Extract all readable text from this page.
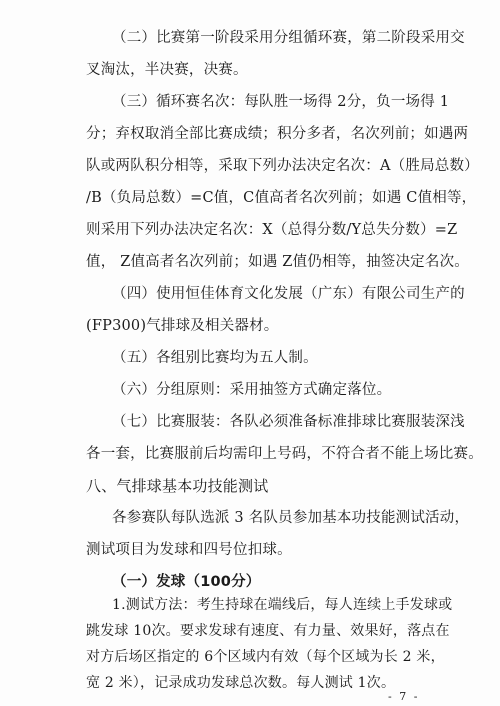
（二）比赛第一阶段采用分组循环赛，第二阶段采用交
叉淘汰，半决赛，决赛。
（三）循环赛名次：每队胜一场得 2分，负一场得 1
分；弃权取消全部比赛成绩；积分多者，名次列前；如遇两
队或两队积分相等，采取下列办法决定名次：A（胜局总数）
/B（负局总数）=C值，C值高者名次列前；如遇 C值相等，
则采用下列办法决定名次：X（总得分数/Y总失分数）=Z
值， Z值高者名次列前；如遇 Z值仍相等，抽签决定名次。
（四）使用恒佳体育文化发展（广东）有限公司生产的
(FP300)气排球及相关器材。
（五）各组别比赛均为五人制。
（六）分组原则：采用抽签方式确定落位。
（七）比赛服装：各队必须准备标准排球比赛服装深浅
各一套，比赛服前后均需印上号码，不符合者不能上场比赛。
八、气排球基本功技能测试
各参赛队每队选派 3 名队员参加基本功技能测试活动，
测试项目为发球和四号位扣球。
（一）发球（100分）
- 7 -
1.测试方法：考生持球在端线后，每人连续上手发球或
跳发球 10次。要求发球有速度、有力量、效果好，落点在
对方后场区指定的 6个区域内有效（每个区域为长 2 米，
宽 2 米），记录成功发球总次数。每人测试 1次。
